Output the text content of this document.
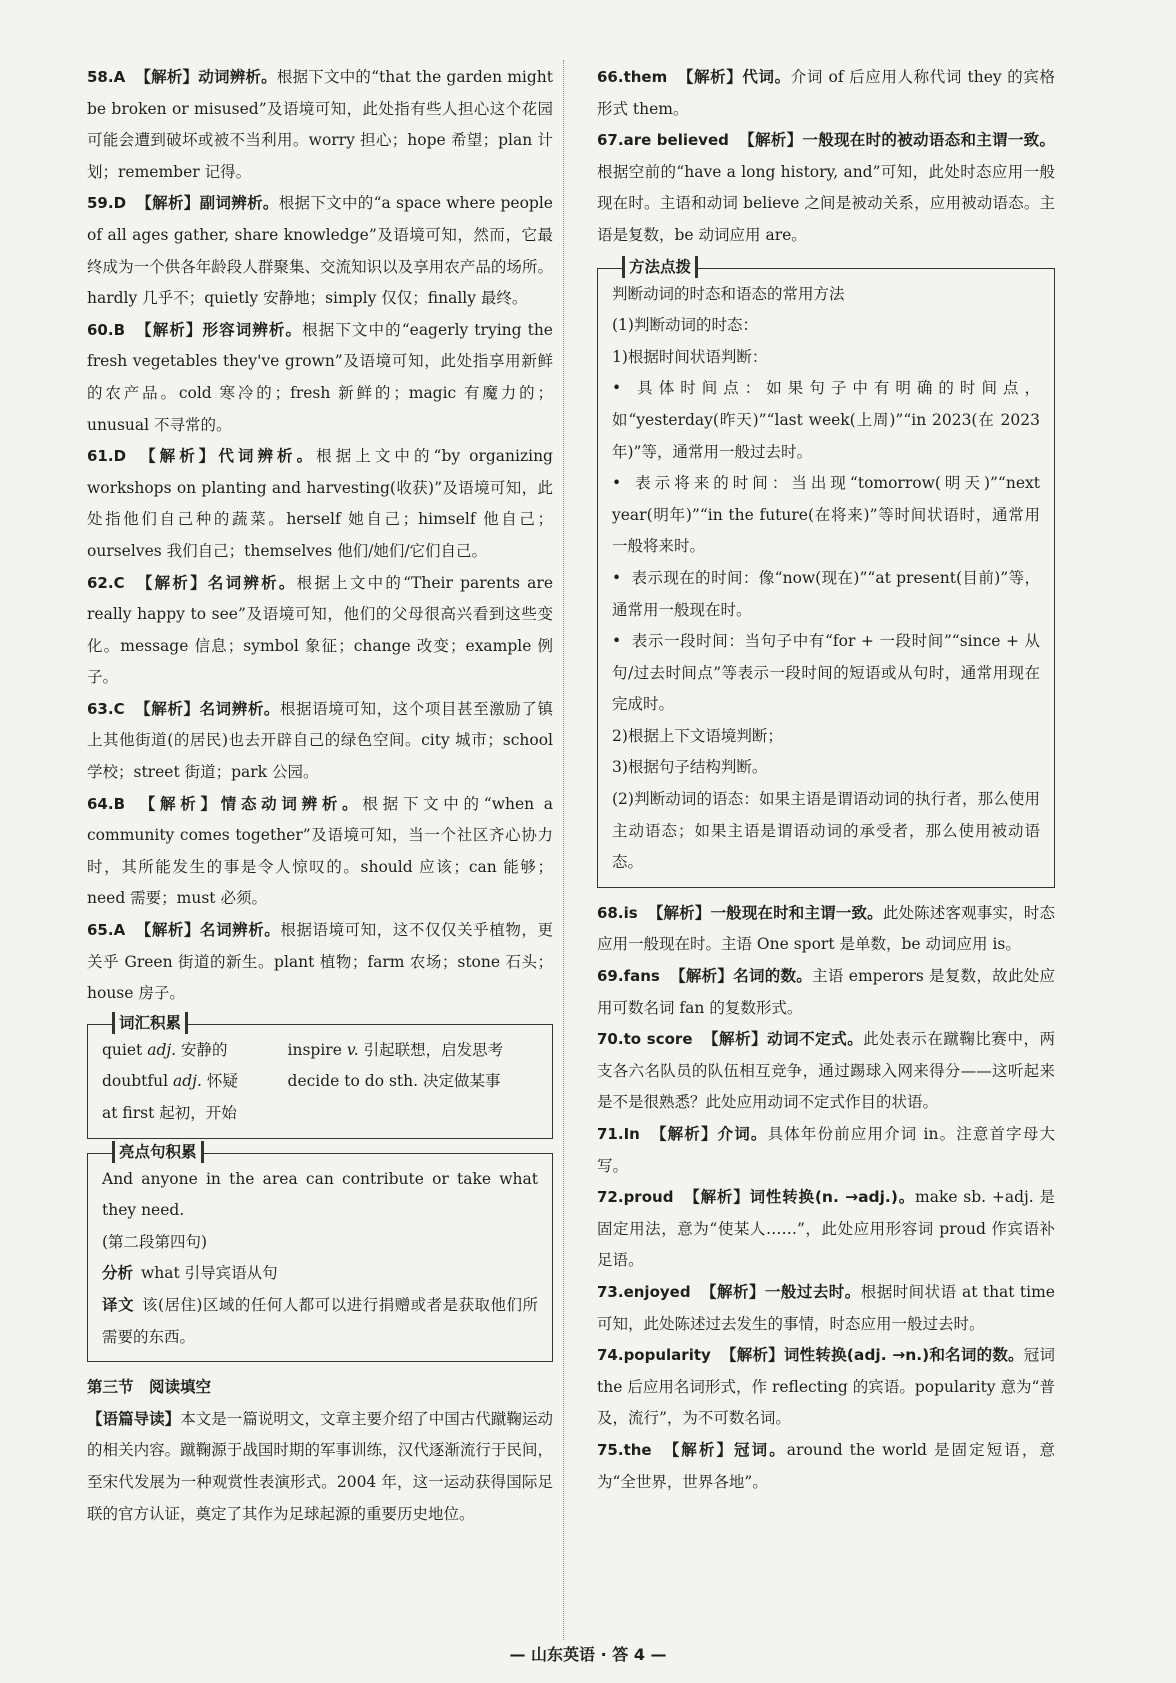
58.A 【解析】动词辨析。根据下文中的“that the garden might be broken or misused”及语境可知，此处指有些人担心这个花园可能会遭到破坏或被不当利用。worry 担心；hope 希望；plan 计划；remember 记得。
59.D 【解析】副词辨析。根据下文中的“a space where people of all ages gather, share knowledge”及语境可知，然而，它最终成为一个供各年龄段人群聚集、交流知识以及享用农产品的场所。hardly 几乎不；quietly 安静地；simply 仅仅；finally 最终。
60.B 【解析】形容词辨析。根据下文中的“eagerly trying the fresh vegetables they've grown”及语境可知，此处指享用新鲜的农产品。cold 寒冷的；fresh 新鲜的；magic 有魔力的；unusual 不寻常的。
61.D 【解析】代词辨析。根据上文中的“by organizing workshops on planting and harvesting(收获)”及语境可知，此处指他们自己种的蔬菜。herself 她自己；himself 他自己；ourselves 我们自己；themselves 他们/她们/它们自己。
62.C 【解析】名词辨析。根据上文中的“Their parents are really happy to see”及语境可知，他们的父母很高兴看到这些变化。message 信息；symbol 象征；change 改变；example 例子。
63.C 【解析】名词辨析。根据语境可知，这个项目甚至激励了镇上其他街道(的居民)也去开辟自己的绿色空间。city 城市；school 学校；street 街道；park 公园。
64.B 【解析】情态动词辨析。根据下文中的“when a community comes together”及语境可知，当一个社区齐心协力时，其所能发生的事是令人惊叹的。should 应该；can 能够；need 需要；must 必须。
65.A 【解析】名词辨析。根据语境可知，这不仅仅关乎植物，更关乎 Green 街道的新生。plant 植物；farm 农场；stone 石头；house 房子。
词汇积累
quiet adj. 安静的	inspire v. 引起联想，启发思考
doubtful adj. 怀疑	decide to do sth. 决定做某事
at first 起初，开始
亮点句积累
And anyone in the area can contribute or take what they need.
(第二段第四句)
分析 what 引导宾语从句
译文 该(居住)区域的任何人都可以进行捐赠或者是获取他们所需要的东西。
第三节　阅读填空
【语篇导读】本文是一篇说明文，文章主要介绍了中国古代蹴鞠运动的相关内容。蹴鞠源于战国时期的军事训练，汉代逐渐流行于民间，至宋代发展为一种观赏性表演形式。2004 年，这一运动获得国际足联的官方认证，奠定了其作为足球起源的重要历史地位。
66.them 【解析】代词。介词 of 后应用人称代词 they 的宾格形式 them。
67.are believed 【解析】一般现在时的被动语态和主谓一致。根据空前的“have a long history, and”可知，此处时态应用一般现在时。主语和动词 believe 之间是被动关系，应用被动语态。主语是复数，be 动词应用 are。
方法点拨
判断动词的时态和语态的常用方法
(1)判断动词的时态：
1)根据时间状语判断：
• 具体时间点：如果句子中有明确的时间点，如“yesterday(昨天)”“last week(上周)”“in 2023(在 2023 年)”等，通常用一般过去时。
• 表示将来的时间：当出现“tomorrow(明天)”“next year(明年)”“in the future(在将来)”等时间状语时，通常用一般将来时。
• 表示现在的时间：像“now(现在)”“at present(目前)”等，通常用一般现在时。
• 表示一段时间：当句子中有“for + 一段时间”“since + 从句/过去时间点”等表示一段时间的短语或从句时，通常用现在完成时。
2)根据上下文语境判断；
3)根据句子结构判断。
(2)判断动词的语态：如果主语是谓语动词的执行者，那么使用主动语态；如果主语是谓语动词的承受者，那么使用被动语态。
68.is 【解析】一般现在时和主谓一致。此处陈述客观事实，时态应用一般现在时。主语 One sport 是单数，be 动词应用 is。
69.fans 【解析】名词的数。主语 emperors 是复数，故此处应用可数名词 fan 的复数形式。
70.to score 【解析】动词不定式。此处表示在蹴鞠比赛中，两支各六名队员的队伍相互竞争，通过踢球入网来得分——这听起来是不是很熟悉？此处应用动词不定式作目的状语。
71.In 【解析】介词。具体年份前应用介词 in。注意首字母大写。
72.proud 【解析】词性转换(n. →adj.)。make sb. +adj. 是固定用法，意为“使某人……”，此处应用形容词 proud 作宾语补足语。
73.enjoyed 【解析】一般过去时。根据时间状语 at that time 可知，此处陈述过去发生的事情，时态应用一般过去时。
74.popularity 【解析】词性转换(adj. →n.)和名词的数。冠词 the 后应用名词形式，作 reflecting 的宾语。popularity 意为“普及，流行”，为不可数名词。
75.the 【解析】冠词。around the world 是固定短语，意为“全世界，世界各地”。
— 山东英语 · 答 4 —
